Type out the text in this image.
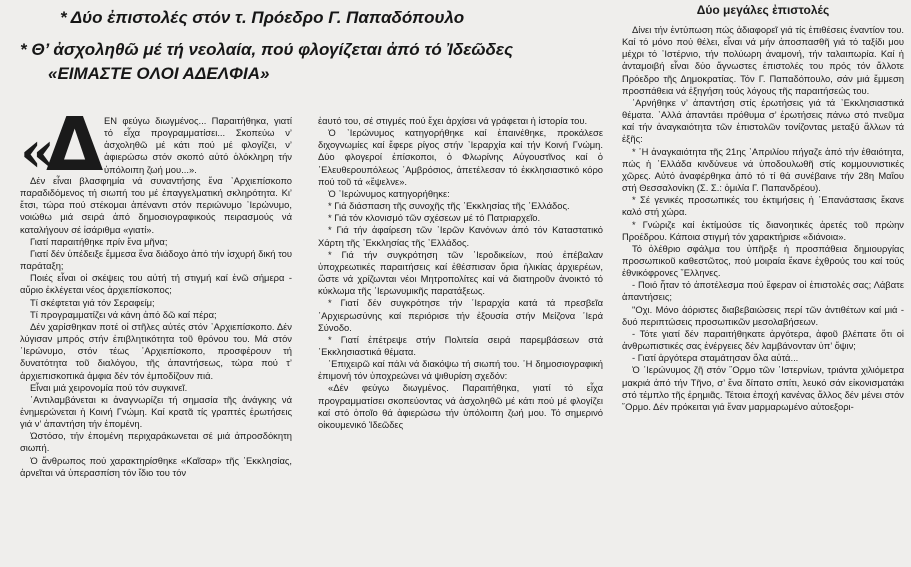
* Δύο ἐπιστολές στόν τ. Πρόεδρο Γ. Παπαδόπουλο
* Θ’ ἀσχοληθῶ μέ τή νεολαία, πού φλογίζεται ἀπό τό Ἰδεῶδες
«ΕΙΜΑΣΤΕ ΟΛΟΙ ΑΔΕΛΦΙΑ»
«
Δ ΕΝ φεύγω διωγμένος... Παραιτήθηκα, γιατί τό εἶχα προγραμματίσει... Σκοπεύω ν’ ἀσχοληθῶ μέ κάτι πού μέ φλογίζει, ν’ ἀφιερώσω στόν σκοπό αὐτό ὁλόκληρη τήν ὑπόλοιπη ζωή μου...».

Δέν εἶναι βλασφημία νά συναντήσης ἕνα ᾿Αρχιεπίσκοπο παραδιδόμενος τή σιωπή του μέ ἐπαγγελματική σκληρότητα. Κι’ ἔτσι, τώρα πού στέκομαι ἀπέναντι στόν περιώνυμο ᾿Ιερώνυμο, νοιώθω μιά σειρά ἀπό δημοσιογραφικούς πειρασμούς νά καταλήγουν σέ ἰσάριθμα «γιατί».

Γιατί παραιτήθηκε πρίν ἕνα μῆνα;

Γιατί δέν ὑπέδειξε ἔμμεσα ἕνα διάδοχο ἀπό τήν ἰσχυρή δική του παράταξη;

Ποιές εἶναι οἱ σκέψεις του αὐτή τή στιγμή καί ἐνῶ σήμερα - αὔριο ἐκλέγεται νέος ἀρχιεπίσκοπος;

Τί σκέφτεται γιά τόν Σεραφείμ;

Τί προγραμματίζει νά κάνη ἀπό δῶ καί πέρα;

Δέν χαρίσθηκαν ποτέ οἱ στῆλες αὐτές στόν ᾿Αρχιεπίσκοπο. Δέν λύγισαν μπρός στήν ἐπιβλητικότητα τοῦ θρόνου του. Μά στόν ᾿Ιερώνυμο, στόν τέως ᾿Αρχιεπίσκοπο, προσφέρουν τή δυνατότητα τοῦ διαλόγου, τῆς ἀπαντήσεως, τώρα πού τ’ ἀρχιεπισκοπικά ἀμφια δέν τόν ἐμποδίζουν πιά.

Εἶναι μιά χειρονομία πού τόν συγκινεῖ.

᾿Αντιλαμβάνεται κι ἀναγνωρίζει τή σημασία τῆς ἀνάγκης νά ἐνημερώνεται ἡ Κοινή Γνώμη. Καί κρατᾶ τίς γραπτές ἐρωτήσεις γιά ν’ ἀπαντήση τήν ἑπομένη.

Ὠστόσο, τήν ἑπομένη περιχαράκωνεται σέ μιά ἀπροσδόκητη σιωπή.

Ὁ ἄνθρωπος πού χαρακτηρίσθηκε «Καῖσαρ» τῆς ᾿Εκκλησίας, ἀρνεῖται νά ὑπερασπίση τόν ἴδιο του τόν

ἑαυτό του, σέ στιγμές πού ἔχει ἀρχίσει νά γράφεται ἡ ἱστορία του.

Ὁ ᾿Ιερώνυμος κατηγορήθηκε καί ἐπαινέθηκε, προκάλεσε διχογνωμίες καί ἔφερε ρίγος στήν ᾿Ιεραρχία καί τήν Κοινή Γνώμη. Δύο φλογεροί ἐπίσκοποι, ὁ Φλωρίνης Αὐγουστῖνος καί ὁ ᾿Ελευθερουπόλεως ᾿Αμβρόσιος, ἀπετέλεσαν τό ἐκκλησιαστικό κόρο πού τοῦ τά «ἔψελνε».

Ὁ ᾿Ιερώνυμος κατηγορήθηκε:

* Γιά διάσπαση τῆς συνοχῆς τῆς ᾿Εκκλησίας τῆς ᾿Ελλάδος.

* Γιά τόν κλονισμό τῶν σχέσεων μέ τό Πατριαρχεῖο.

* Γιά τήν ἀφαίρεση τῶν ῾Ιερῶν Κανόνων ἀπό τόν Καταστατικό Χάρτη τῆς ᾿Εκκλησίας τῆς ᾿Ελλάδος.

* Γιά τήν συγκρότηση τῶν ῾Ιεροδικείων, πού ἐπέβαλαν ὑποχρεωτικές παραιτήσεις καί ἐθέσπισαν ὅρια ἡλικίας ἀρχιερέων, ὥστε νά χρίζωνται νέοι Μητροπολίτες καί νά διατηροῦν ἀνοικτό τό κύκλωμα τῆς ᾿Ιερωνυμικῆς παρατάξεως.

* Γιατί δέν συγκρότησε τήν ῾Ιεραρχία κατά τά πρεσβεῖα ᾿Αρχιερωσύνης καί περιόρισε τήν ἐξουσία στήν Μείζονα ῾Ιερά Σύνοδο.

* Γιατί ἐπέτρεψε στήν Πολιτεία σειρά παρεμβάσεων στά ᾿Εκκλησιαστικά θέματα.

᾿Επιχειρῶ καί πάλι νά διακόψω τή σιωπή του. ῾Η δημοσιογραφική ἐπιμονή τόν ὑποχρεώνει νά ψιθυρίση σχεδόν:

«Δέν φεύγω διωγμένος. Παραιτήθηκα, γιατί τό εἶχα προγραμματίσει σκοπεύοντας νά ἀσχοληθῶ μέ κάτι πού μέ φλογίζει καί στό ὁποῖο θά ἀφιερώσω τήν ὑπόλοιπη ζωή μου. Τό σημερινό οἰκουμενικό Ἰδεῶδες

Δύο μεγάλες ἐπιστολές

Δίνει τήν ἐντύπωση πώς ἀδιαφορεῖ γιά τίς ἐπιθέσεις ἐναντίον του. Καί τό μόνο πού θέλει, εἶναι νά μήν ἀποσπασθῆ γιά τό ταξίδι μου μέχρι τό ᾿Ιστέρνιο, τήν πολύωρη ἀναμονή, τήν ταλαιπωρία. Καί ἡ ἀνταμοιβή εἶναι δύο ἄγνωστες ἐπιστολές του πρός τόν ἄλλοτε Πρόεδρο τῆς Δημοκρατίας. Τόν Γ. Παπαδόπουλο, σάν μιά ἔμμεση προσπάθεια νά ἐξηγήση τούς λόγους τῆς παραιτήσεώς του.

᾿Αρνήθηκε ν’ ἀπαντήση στίς ἐρωτήσεις γιά τά ᾿Εκκλησιαστικά θέματα. ᾿Αλλά ἀπαντάει πρόθυμα σ’ ἐρωτήσεις πάνω στό πνεῦμα καί τήν ἀναγκαιότητα τῶν ἐπιστολῶν τονίζοντας μεταξύ ἄλλων τά ἑξῆς:

* ῾Η ἀναγκαιότητα τῆς 21ης ᾿Απριλίου πήγαζε ἀπό τήν ἐθαιότητα, πώς ἡ ᾿Ελλάδα κινδύνευε νά ὑποδουλωθῆ στίς κομμουνιστικές χῶρες. Αὐτό ἀναφέρθηκα ἀπό τό τί θά συνέβαινε τήν 28η Μαΐου στή Θεσσαλονίκη (Σ. Σ.: ὁμιλία Γ. Παπανδρέου).

* Σέ γενικές προσωπικές του ἐκτιμήσεις ἡ ᾿Επανάστασις ἔκανε καλό στή χώρα.

* Γνώριζε καί ἐκτίμούσε τίς διανοητικές ἀρετές τοῦ πρώην Προέδρου. Κάποια στιγμή τόν χαρακτήρισε «διάνοια».

Τό ὀλέθριο σφάλμα του ὑπῆρξε ἡ προσπάθεια δημιουργίας προσωπικοῦ καθεστῶτος, πού μοιραία ἔκανε ἐχθρούς του καί τούς ἐθνικόφρονες ῞Ελληνες.

- Ποιό ἦταν τό ἀποτέλεσμα πού ἔφεραν οἱ ἐπιστολές σας; Λάβατε ἀπαντήσεις;

"Οχι. Μόνο ἀόριστες διαβεβαιώσεις περί τῶν ἀντιθέτων καί μιά - δυό περιπτώσεις προσωπικῶν μεσολαβήσεων.

- Τότε γιατί δέν παραιτήθηκατε ἀργότερα, ἀφοῦ βλέπατε ὅτι οἱ ἀνθρωπιστικές σας ἐνέργειες δέν λαμβάνονταν ὑπ’ ὄψιν;

- Γιατί ἀργότερα σταμάτησαν ὅλα αὐτά...

Ὁ ᾿Ιερώνυμος ζῆ στόν ῞Ορμο τῶν ᾿Ιστερνίων, τριάντα χιλιόμετρα μακριά ἀπό τήν Τῆνο, σ’ ἕνα δίπατο σπίτι, λευκό σάν εἰκονισματάκι στό τέμπλο τῆς ἐρημιᾶς. Τέτοια ἐποχή κανένας ἄλλος δέν μένει στόν ῞Ορμο. Δέν πρόκειται γιά ἕναν μαρμαρωμένο αὐτοεξορι-
